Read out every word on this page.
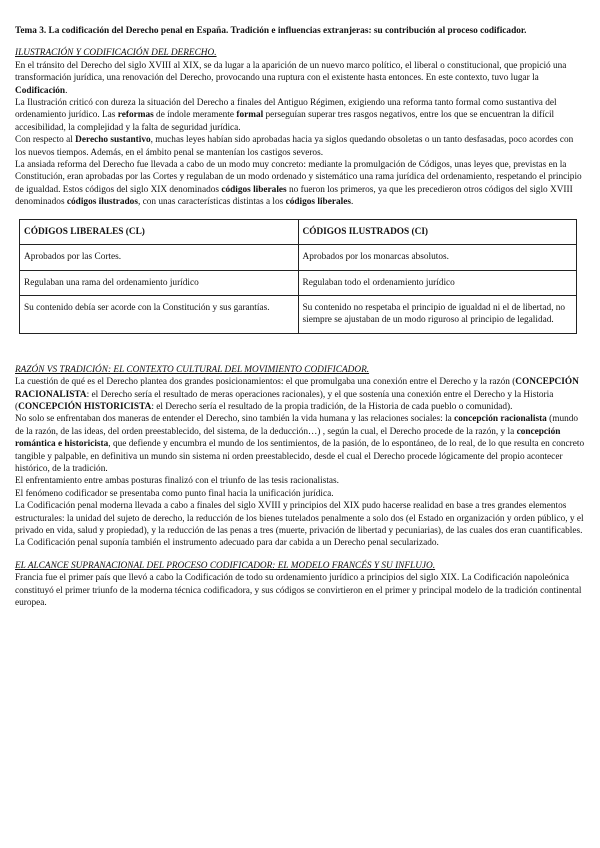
Tema 3. La codificación del Derecho penal en España. Tradición e influencias extranjeras: su contribución al proceso codificador.

ILUSTRACIÓN Y CODIFICACIÓN DEL DERECHO.

En el tránsito del Derecho del siglo XVIII al XIX, se da lugar a la aparición de un nuevo marco político, el liberal o constitucional, que propició una transformación jurídica, una renovación del Derecho, provocando una ruptura con el existente hasta entonces. En este contexto, tuvo lugar la Codificación.

La Ilustración criticó con dureza la situación del Derecho a finales del Antiguo Régimen, exigiendo una reforma tanto formal como sustantiva del ordenamiento jurídico. Las reformas de índole meramente formal perseguían superar tres rasgos negativos, entre los que se encuentran la difícil accesibilidad, la complejidad y la falta de seguridad jurídica.

Con respecto al Derecho sustantivo, muchas leyes habían sido aprobadas hacia ya siglos quedando obsoletas o un tanto desfasadas, poco acordes con los nuevos tiempos. Además, en el ámbito penal se mantenían los castigos severos.

La ansiada reforma del Derecho fue llevada a cabo de un modo muy concreto: mediante la promulgación de Códigos, unas leyes que, previstas en la Constitución, eran aprobadas por las Cortes y regulaban de un modo ordenado y sistemático una rama jurídica del ordenamiento, respetando el principio de igualdad. Estos códigos del siglo XIX denominados códigos liberales no fueron los primeros, ya que les precedieron otros códigos del siglo XVIII denominados códigos ilustrados, con unas características distintas a los códigos liberales.

CÓDIGOS LIBERALES (CL)	CÓDIGOS ILUSTRADOS (CI)
Aprobados por las Cortes.	Aprobados por los monarcas absolutos.
Regulaban una rama del ordenamiento jurídico	Regulaban todo el ordenamiento jurídico
Su contenido debía ser acorde con la Constitución y sus garantías.	Su contenido no respetaba el principio de igualdad ni el de libertad, no siempre se ajustaban de un modo riguroso al principio de legalidad.

RAZÓN VS TRADICIÓN: EL CONTEXTO CULTURAL DEL MOVIMIENTO CODIFICADOR.

La cuestión de qué es el Derecho plantea dos grandes posicionamientos: el que promulgaba una conexión entre el Derecho y la razón (CONCEPCIÓN RACIONALISTA: el Derecho sería el resultado de meras operaciones racionales), y el que sostenía una conexión entre el Derecho y la Historia (CONCEPCIÓN HISTORICISTA: el Derecho sería el resultado de la propia tradición, de la Historia de cada pueblo o comunidad).

No solo se enfrentaban dos maneras de entender el Derecho, sino también la vida humana y las relaciones sociales: la concepción racionalista (mundo de la razón, de las ideas, del orden preestablecido, del sistema, de la deducción…) , según la cual, el Derecho procede de la razón, y la concepción romántica e historicista, que defiende y encumbra el mundo de los sentimientos, de la pasión, de lo espontáneo, de lo real, de lo que resulta en concreto tangible y palpable, en definitiva un mundo sin sistema ni orden preestablecido, desde el cual el Derecho procede lógicamente del propio acontecer histórico, de la tradición.

El enfrentamiento entre ambas posturas finalizó con el triunfo de las tesis racionalistas.

El fenómeno codificador se presentaba como punto final hacia la unificación jurídica.

La Codificación penal moderna llevada a cabo a finales del siglo XVIII y principios del XIX pudo hacerse realidad en base a tres grandes elementos estructurales: la unidad del sujeto de derecho, la reducción de los bienes tutelados penalmente a solo dos (el Estado en organización y orden público, y el privado en vida, salud y propiedad), y la reducción de las penas a tres (muerte, privación de libertad y pecuniarias), de las cuales dos eran cuantificables.

La Codificación penal suponía también el instrumento adecuado para dar cabida a un Derecho penal secularizado.

EL ALCANCE SUPRANACIONAL DEL PROCESO CODIFICADOR: EL MODELO FRANCÉS Y SU INFLUJO.

Francia fue el primer país que llevó a cabo la Codificación de todo su ordenamiento jurídico a principios del siglo XIX. La Codificación napoleónica constituyó el primer triunfo de la moderna técnica codificadora, y sus códigos se convirtieron en el primer y principal modelo de la tradición continental europea.
